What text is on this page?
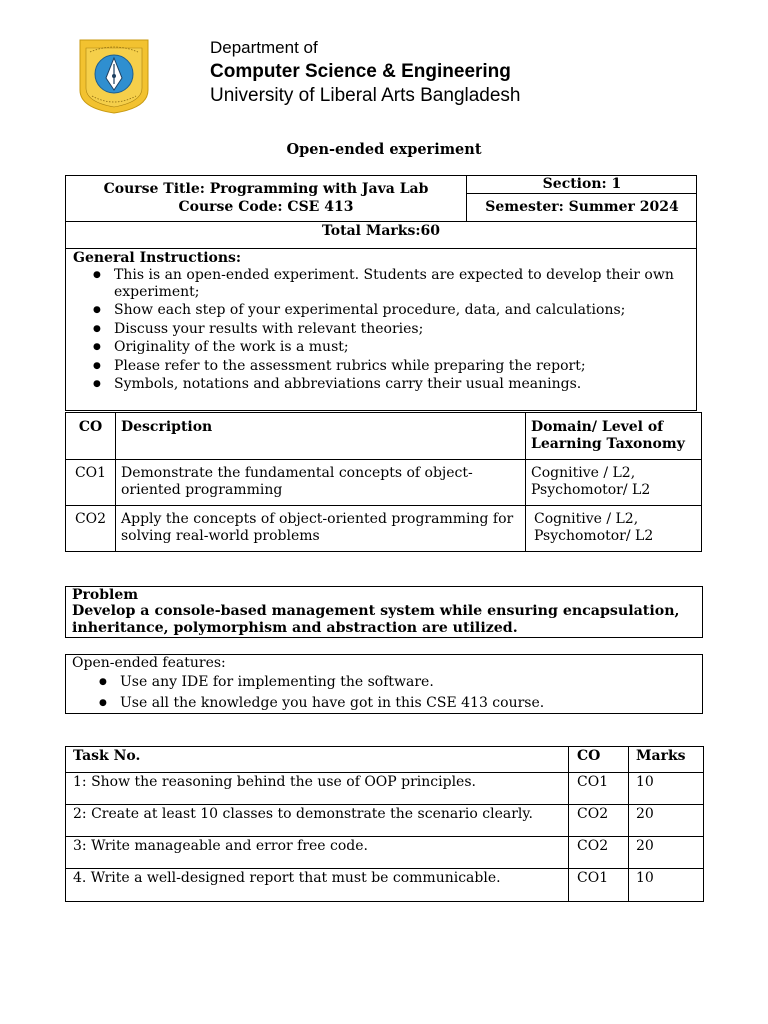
Department of
Computer Science & Engineering
University of Liberal Arts Bangladesh
Open-ended experiment
Course Title: Programming with Java Lab
Course Code: CSE 413
Section: 1
Semester: Summer 2024
Total Marks:60
General Instructions:
● This is an open-ended experiment. Students are expected to develop their own experiment;
● Show each step of your experimental procedure, data, and calculations;
● Discuss your results with relevant theories;
● Originality of the work is a must;
● Please refer to the assessment rubrics while preparing the report;
● Symbols, notations and abbreviations carry their usual meanings.
CO	Description	Domain/ Level of Learning Taxonomy
CO1	Demonstrate the fundamental concepts of object-oriented programming	Cognitive / L2, Psychomotor/ L2
CO2	Apply the concepts of object-oriented programming for solving real-world problems	Cognitive / L2, Psychomotor/ L2
Problem
Develop a console-based management system while ensuring encapsulation, inheritance, polymorphism and abstraction are utilized.
Open-ended features:
● Use any IDE for implementing the software.
● Use all the knowledge you have got in this CSE 413 course.
Task No.	CO	Marks
1: Show the reasoning behind the use of OOP principles.	CO1	10
2: Create at least 10 classes to demonstrate the scenario clearly.	CO2	20
3: Write manageable and error free code.	CO2	20
4. Write a well-designed report that must be communicable.	CO1	10
